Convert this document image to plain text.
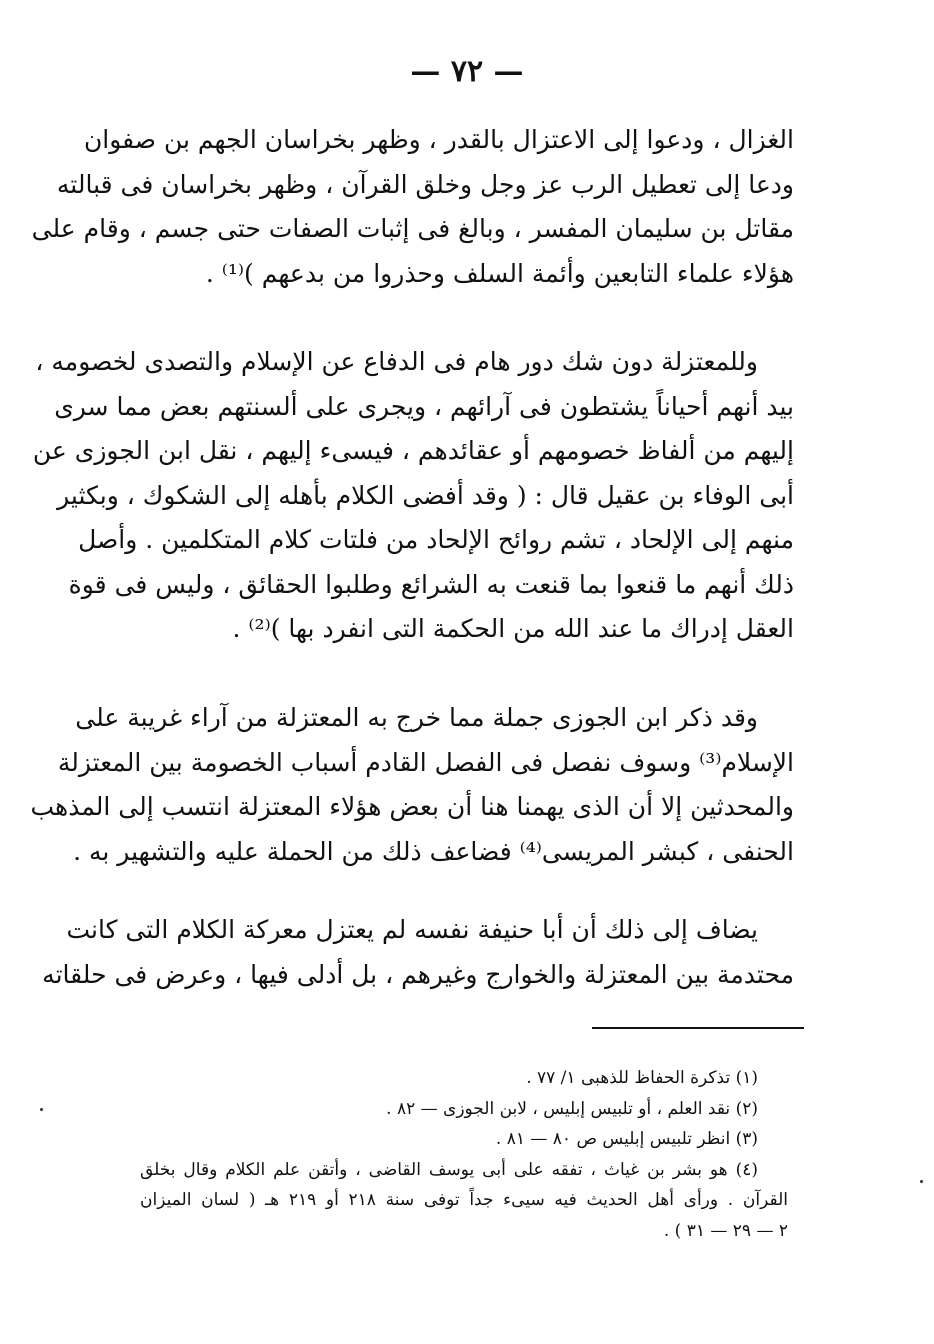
— ٧٢ —
الغزال ، ودعوا إلى الاعتزال بالقدر ، وظهر بخراسان الجهم بن صفوان
ودعا إلى تعطيل الرب عز وجل وخلق القرآن ، وظهر بخراسان فى قبالته
مقاتل بن سليمان المفسر ، وبالغ فى إثبات الصفات حتى جسم ، وقام على
هؤلاء علماء التابعين وأئمة السلف وحذروا من بدعهم )⁽¹⁾ .
وللمعتزلة دون شك دور هام فى الدفاع عن الإسلام والتصدى لخصومه ،
بيد أنهم أحياناً يشتطون فى آرائهم ، ويجرى على ألسنتهم بعض مما سرى
إليهم من ألفاظ خصومهم أو عقائدهم ، فيسىء إليهم ، نقل ابن الجوزى عن
أبى الوفاء بن عقيل قال : ( وقد أفضى الكلام بأهله إلى الشكوك ، وبكثير
منهم إلى الإلحاد ، تشم روائح الإلحاد من فلتات كلام المتكلمين . وأصل
ذلك أنهم ما قنعوا بما قنعت به الشرائع وطلبوا الحقائق ، وليس فى قوة
العقل إدراك ما عند الله من الحكمة التى انفرد بها )⁽²⁾ .
وقد ذكر ابن الجوزى جملة مما خرج به المعتزلة من آراء غريبة على
الإسلام⁽³⁾ وسوف نفصل فى الفصل القادم أسباب الخصومة بين المعتزلة
والمحدثين إلا أن الذى يهمنا هنا أن بعض هؤلاء المعتزلة انتسب إلى المذهب
الحنفى ، كبشر المريسى⁽⁴⁾ فضاعف ذلك من الحملة عليه والتشهير به .
يضاف إلى ذلك أن أبا حنيفة نفسه لم يعتزل معركة الكلام التى كانت
محتدمة بين المعتزلة والخوارج وغيرهم ، بل أدلى فيها ، وعرض فى حلقاته
(١) تذكرة الحفاظ للذهبى ١/ ٧٧ .
(٢) نقد العلم ، أو تلبيس إبليس ، لابن الجوزى — ٨٢ .
(٣) انظر تلبيس إبليس ص ٨٠ — ٨١ .
(٤) هو بشر بن غياث ، تفقه على أبى يوسف القاضى ، وأتقن علم الكلام وقال بخلق
القرآن . ورأى أهل الحديث فيه سيىء جداً توفى سنة ٢١٨ أو ٢١٩ هـ ( لسان الميزان
٢ — ٢٩ — ٣١ ) .
